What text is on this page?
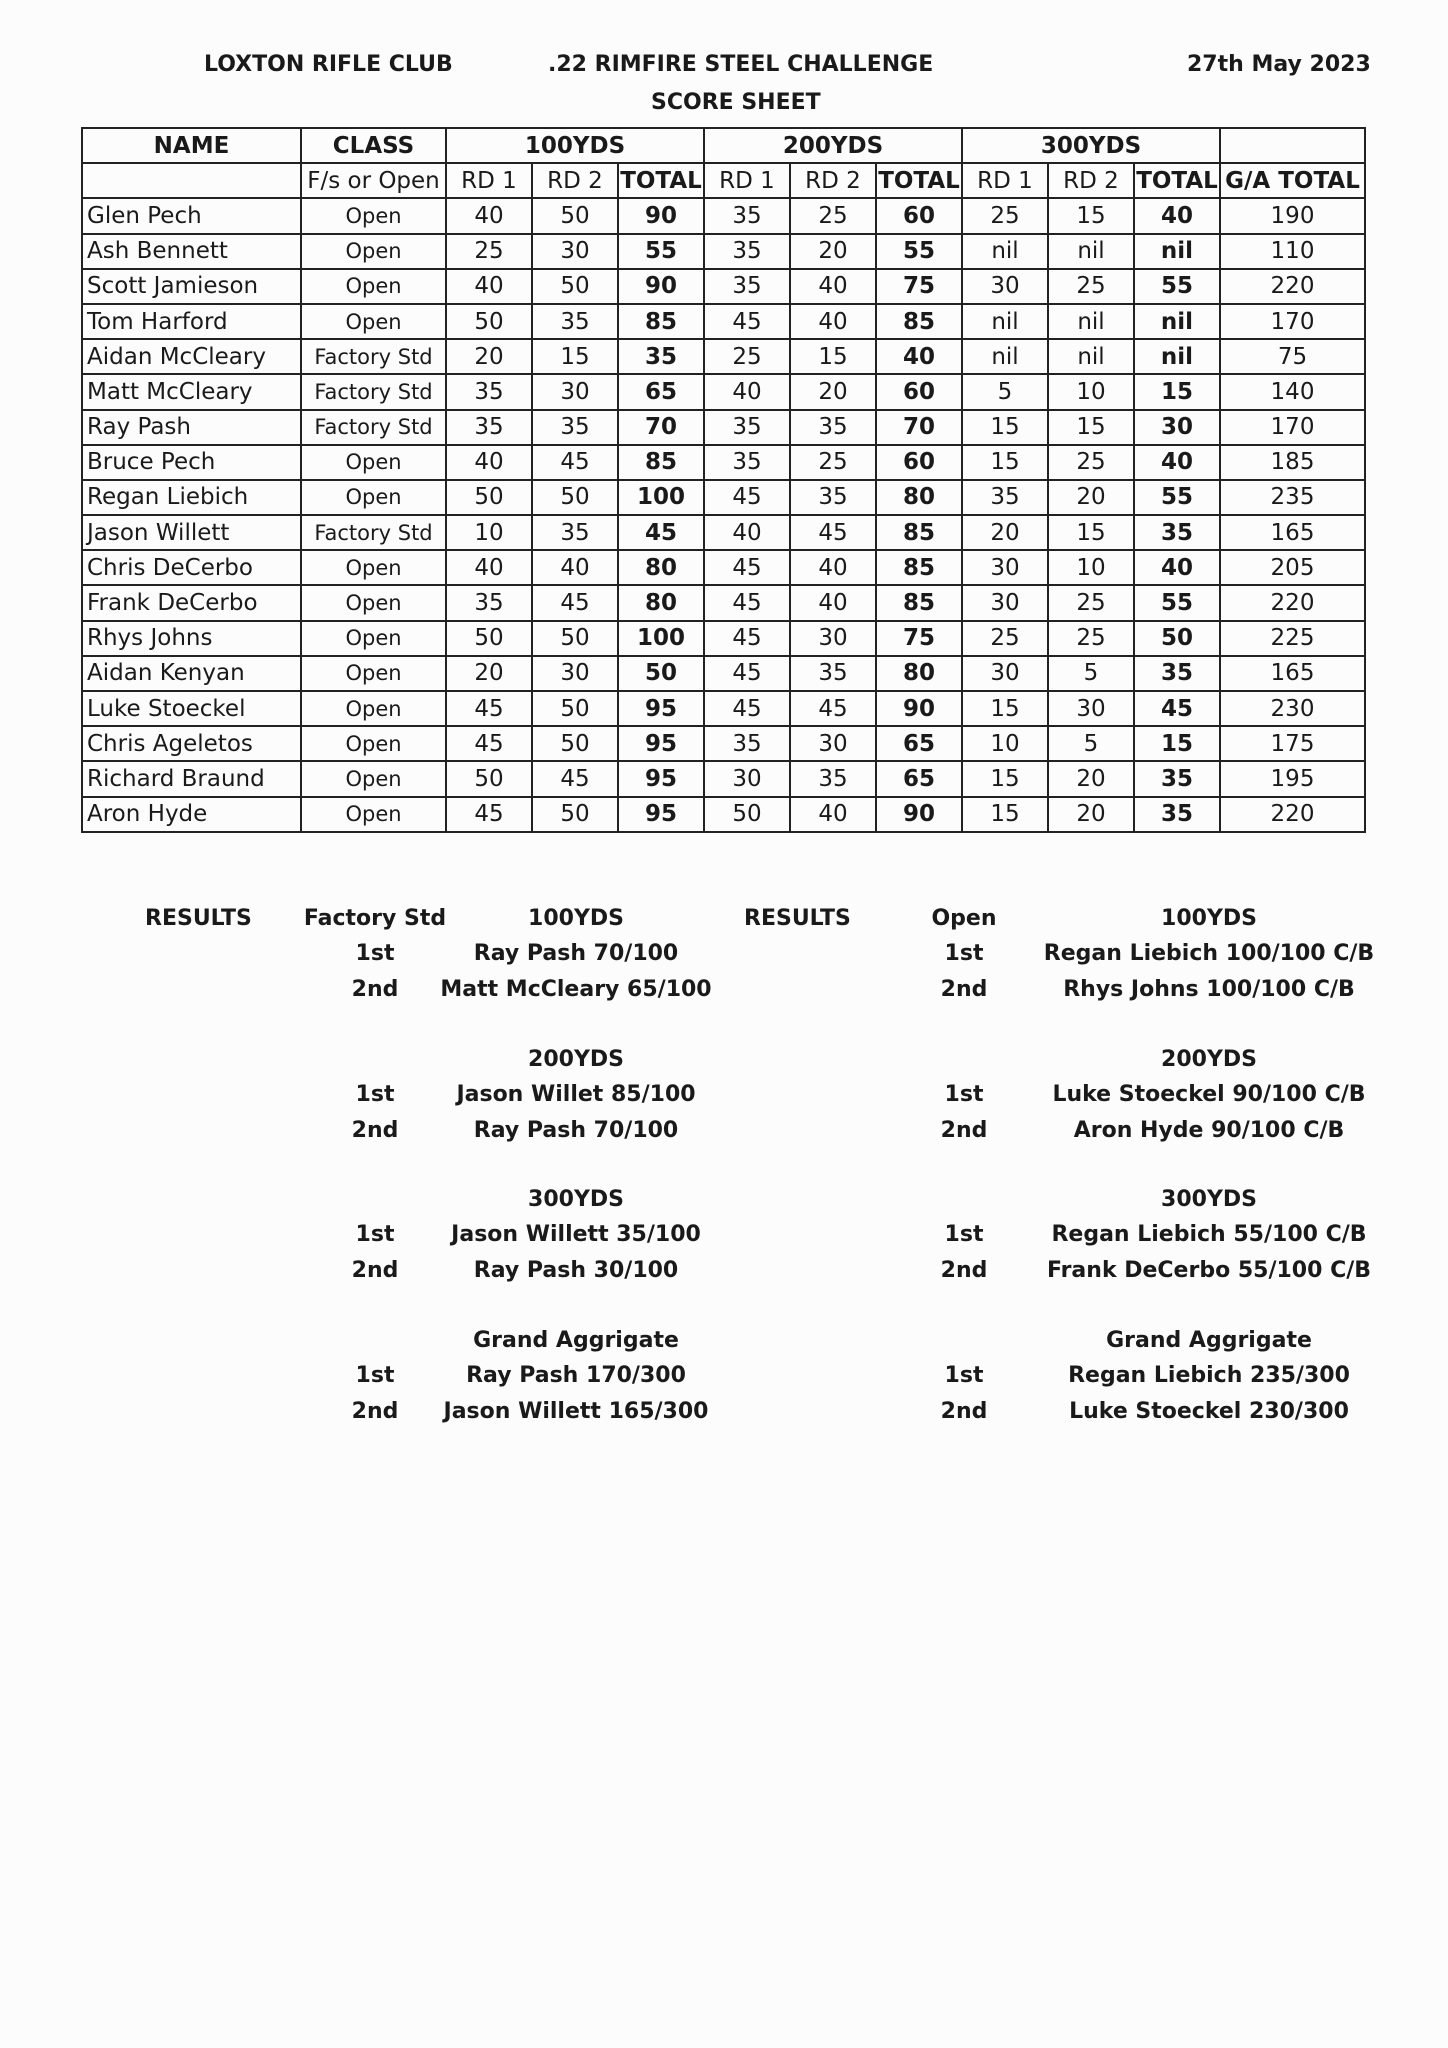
LOXTON RIFLE CLUB	.22 RIMFIRE STEEL CHALLENGE
SCORE SHEET
27th May 2023
NAME	CLASS	100YDS			200YDS			300YDS			
	F/s or Open	RD 1	RD 2	TOTAL	RD 1	RD 2	TOTAL	RD 1	RD 2	TOTAL	G/A TOTAL
Glen Pech	Open	40	50	90	35	25	60	25	15	40	190
Ash Bennett	Open	25	30	55	35	20	55	nil	nil	nil	110
Scott Jamieson	Open	40	50	90	35	40	75	30	25	55	220
Tom Harford	Open	50	35	85	45	40	85	nil	nil	nil	170
Aidan McCleary	Factory Std	20	15	35	25	15	40	nil	nil	nil	75
Matt McCleary	Factory Std	35	30	65	40	20	60	5	10	15	140
Ray Pash	Factory Std	35	35	70	35	35	70	15	15	30	170
Bruce Pech	Open	40	45	85	35	25	60	15	25	40	185
Regan Liebich	Open	50	50	100	45	35	80	35	20	55	235
Jason Willett	Factory Std	10	35	45	40	45	85	20	15	35	165
Chris DeCerbo	Open	40	40	80	45	40	85	30	10	40	205
Frank DeCerbo	Open	35	45	80	45	40	85	30	25	55	220
Rhys Johns	Open	50	50	100	45	30	75	25	25	50	225
Aidan Kenyan	Open	20	30	50	45	35	80	30	5	35	165
Luke Stoeckel	Open	45	50	95	45	45	90	15	30	45	230
Chris Ageletos	Open	45	50	95	35	30	65	10	5	15	175
Richard Braund	Open	50	45	95	30	35	65	15	20	35	195
Aron Hyde	Open	45	50	95	50	40	90	15	20	35	220
RESULTS Factory Std	RESULTS	Open
100YDS
1st	Ray Pash 70/100
2nd Matt McCleary 65/100
200YDS
1st	Jason Willet 85/100
2nd	Ray Pash 70/100
300YDS
1st	Jason Willett 35/100
2nd	Ray Pash 30/100
Grand Aggrigate
1st	Ray Pash 170/300
2nd Jason Willett 165/300
100YDS
1st	Regan Liebich 100/100 C/B
2nd	Rhys Johns 100/100 C/B
200YDS
1st	Luke Stoeckel 90/100 C/B
2nd	Aron Hyde 90/100 C/B
300YDS
1st	Regan Liebich 55/100 C/B
2nd	Frank DeCerbo 55/100 C/B
Grand Aggrigate
1st	Regan Liebich 235/300
2nd	Luke Stoeckel 230/300
